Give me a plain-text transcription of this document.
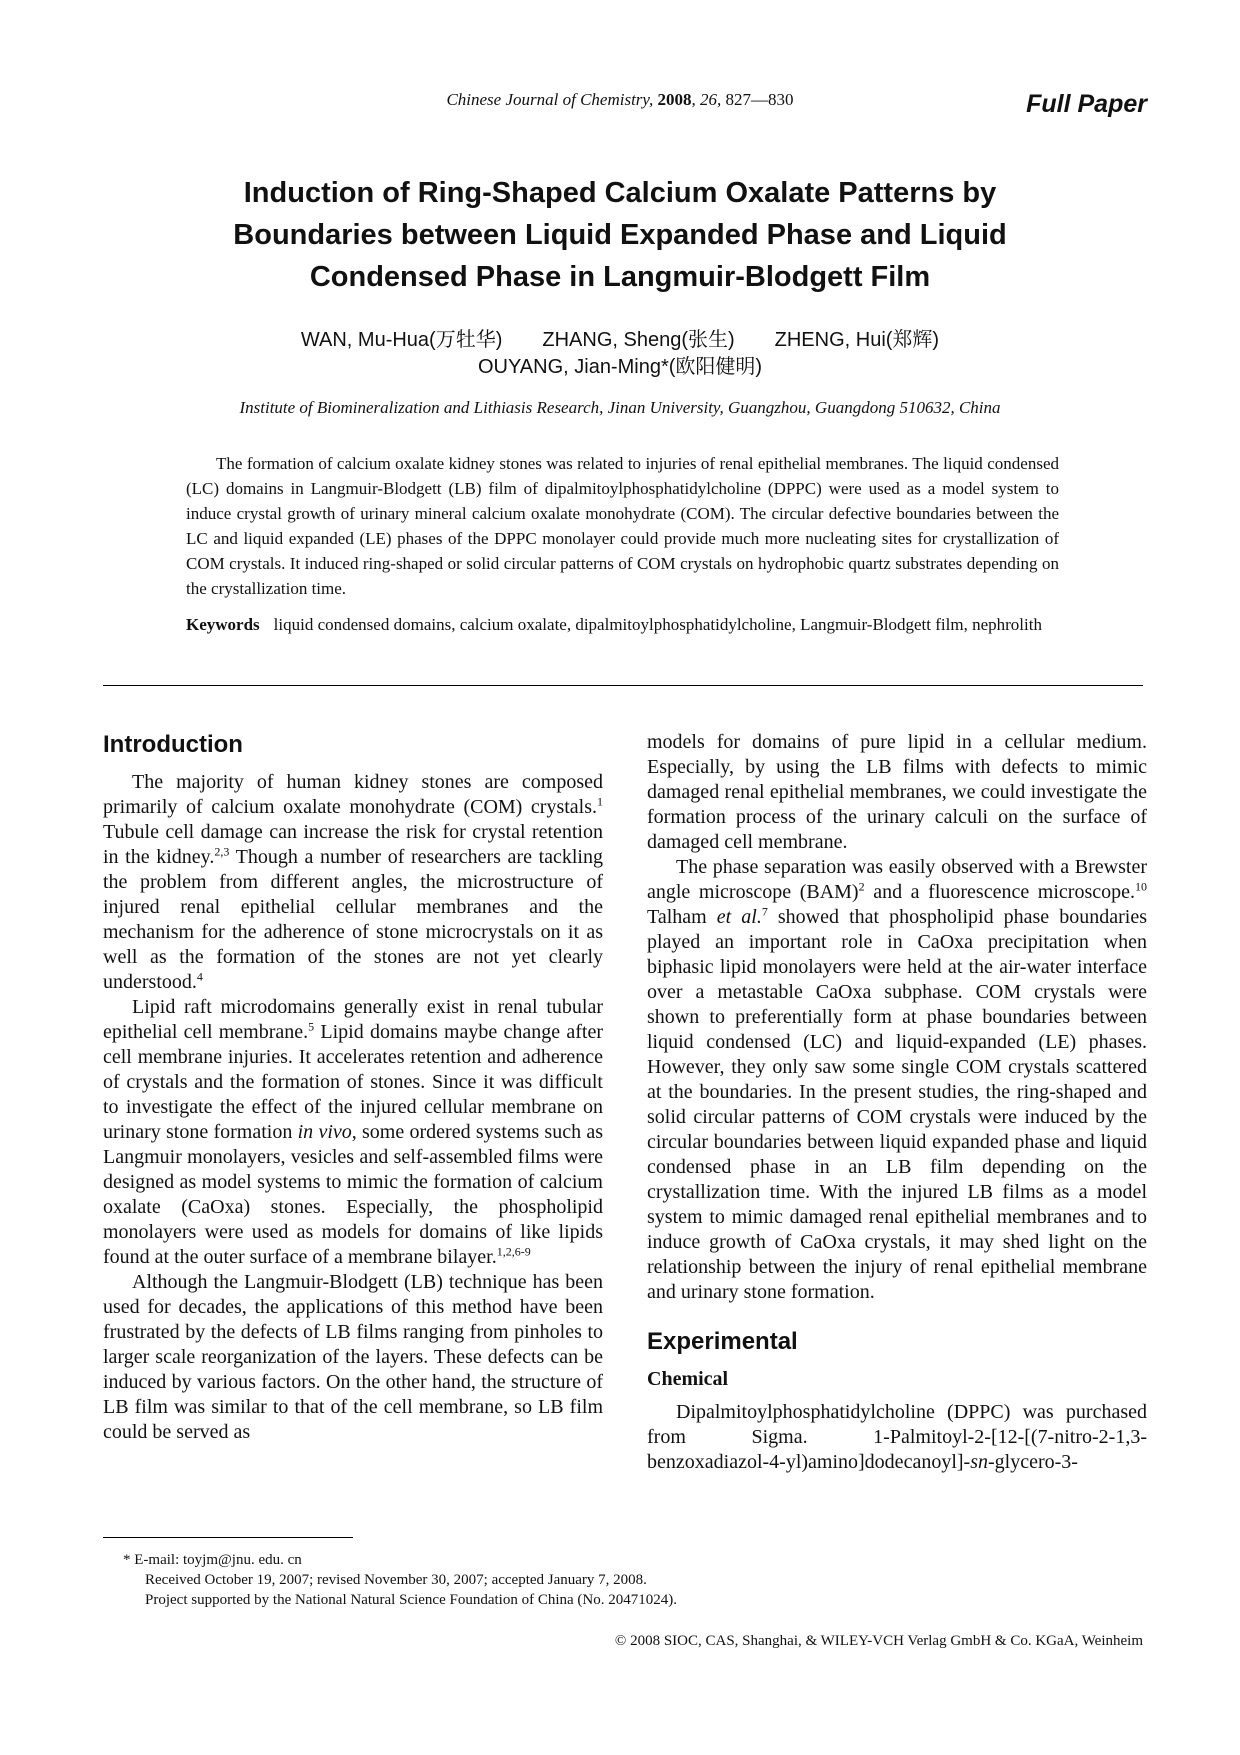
Chinese Journal of Chemistry, 2008, 26, 827—830	Full Paper
Induction of Ring-Shaped Calcium Oxalate Patterns by Boundaries between Liquid Expanded Phase and Liquid Condensed Phase in Langmuir-Blodgett Film
WAN, Mu-Hua(万牡华) ZHANG, Sheng(张生) ZHENG, Hui(郑辉)
OUYANG, Jian-Ming*(欧阳健明)
Institute of Biomineralization and Lithiasis Research, Jinan University, Guangzhou, Guangdong 510632, China

The formation of calcium oxalate kidney stones was related to injuries of renal epithelial membranes. The liquid condensed (LC) domains in Langmuir-Blodgett (LB) film of dipalmitoylphosphatidylcholine (DPPC) were used as a model system to induce crystal growth of urinary mineral calcium oxalate monohydrate (COM). The circular defective boundaries between the LC and liquid expanded (LE) phases of the DPPC monolayer could provide much more nucleating sites for crystallization of COM crystals. It induced ring-shaped or solid circular patterns of COM crystals on hydrophobic quartz substrates depending on the crystallization time.

Keywords liquid condensed domains, calcium oxalate, dipalmitoylphosphatidylcholine, Langmuir-Blodgett film, nephrolith

Introduction

The majority of human kidney stones are composed primarily of calcium oxalate monohydrate (COM) crystals.$^1$ Tubule cell damage can increase the risk for crystal retention in the kidney.$^{2,3}$ Though a number of researchers are tackling the problem from different angles, the microstructure of injured renal epithelial cellular membranes and the mechanism for the adherence of stone microcrystals on it as well as the formation of the stones are not yet clearly understood.$^4$

Lipid raft microdomains generally exist in renal tubular epithelial cell membrane.$^5$ Lipid domains maybe change after cell membrane injuries. It accelerates retention and adherence of crystals and the formation of stones. Since it was difficult to investigate the effect of the injured cellular membrane on urinary stone formation in vivo, some ordered systems such as Langmuir monolayers, vesicles and self-assembled films were designed as model systems to mimic the formation of calcium oxalate (CaOxa) stones. Especially, the phospholipid monolayers were used as models for domains of like lipids found at the outer surface of a membrane bilayer.$^{1,2,6-9}$

Although the Langmuir-Blodgett (LB) technique has been used for decades, the applications of this method have been frustrated by the defects of LB films ranging from pinholes to larger scale reorganization of the layers. These defects can be induced by various factors. On the other hand, the structure of LB film was similar to that of the cell membrane, so LB film could be served as

models for domains of pure lipid in a cellular medium. Especially, by using the LB films with defects to mimic damaged renal epithelial membranes, we could investigate the formation process of the urinary calculi on the surface of damaged cell membrane.

The phase separation was easily observed with a Brewster angle microscope (BAM)$^2$ and a fluorescence microscope.$^{10}$ Talham et al.$^7$ showed that phospholipid phase boundaries played an important role in CaOxa precipitation when biphasic lipid monolayers were held at the air-water interface over a metastable CaOxa subphase. COM crystals were shown to preferentially form at phase boundaries between liquid condensed (LC) and liquid-expanded (LE) phases. However, they only saw some single COM crystals scattered at the boundaries. In the present studies, the ring-shaped and solid circular patterns of COM crystals were induced by the circular boundaries between liquid expanded phase and liquid condensed phase in an LB film depending on the crystallization time. With the injured LB films as a model system to mimic damaged renal epithelial membranes and to induce growth of CaOxa crystals, it may shed light on the relationship between the injury of renal epithelial membrane and urinary stone formation.

Experimental
Chemical

Dipalmitoylphosphatidylcholine (DPPC) was purchased from Sigma. 1-Palmitoyl-2-[12-[(7-nitro-2-1,3-benzoxadiazol-4-yl)amino]dodecanoyl]-sn-glycero-3-

* E-mail: toyjm@jnu. edu. cn
Received October 19, 2007; revised November 30, 2007; accepted January 7, 2008.
Project supported by the National Natural Science Foundation of China (No. 20471024).
© 2008 SIOC, CAS, Shanghai, & WILEY-VCH Verlag GmbH & Co. KGaA, Weinheim
